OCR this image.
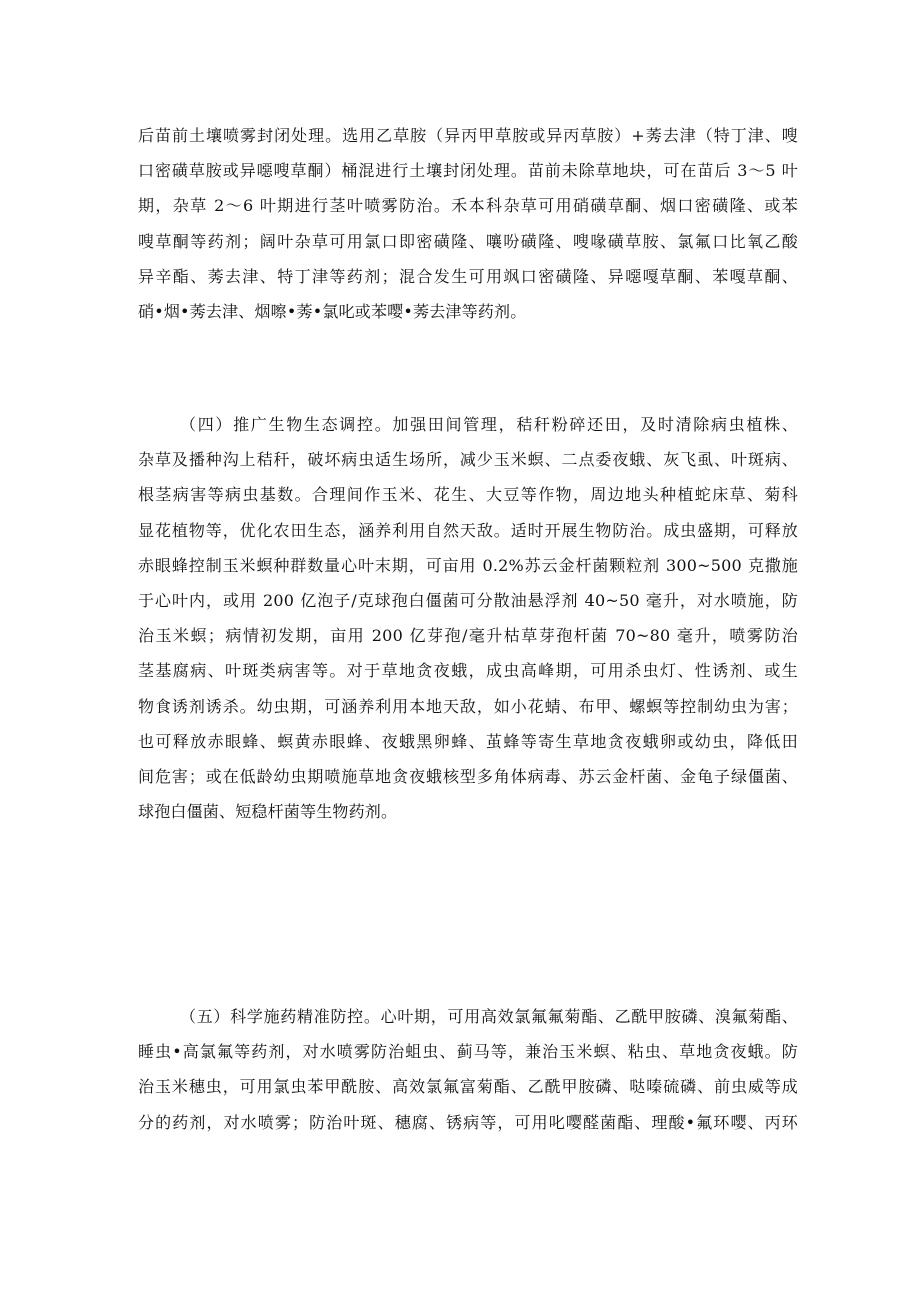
后苗前土壤喷雾封闭处理。选用乙草胺（异丙甲草胺或异丙草胺）+莠去津（特丁津、嗖
口密磺草胺或异噁嗖草酮）桶混进行土壤封闭处理。苗前未除草地块，可在苗后 3～5 叶
期，杂草 2～6 叶期进行茎叶喷雾防治。禾本科杂草可用硝磺草酮、烟口密磺隆、或苯
嗖草酮等药剂；阔叶杂草可用氯口即密磺隆、嚷吩磺隆、嗖喙磺草胺、氯氟口比氧乙酸
异辛酯、莠去津、特丁津等药剂；混合发生可用飒口密磺隆、异噁嘎草酮、苯嘎草酮、
硝•烟•莠去津、烟嚓•莠•氯叱或苯嘤•莠去津等药剂。
（四）推广生物生态调控。加强田间管理，秸秆粉碎还田，及时清除病虫植株、
杂草及播种沟上秸秆，破坏病虫适生场所，减少玉米螟、二点委夜蛾、灰飞虱、叶斑病、
根茎病害等病虫基数。合理间作玉米、花生、大豆等作物，周边地头种植蛇床草、菊科
显花植物等，优化农田生态，涵养利用自然天敌。适时开展生物防治。成虫盛期，可释放
赤眼蜂控制玉米螟种群数量心叶末期，可亩用 0.2%苏云金杆菌颗粒剂 300~500 克撒施
于心叶内，或用 200 亿泡子/克球孢白僵菌可分散油悬浮剂 40~50 毫升，对水喷施，防
治玉米螟；病情初发期，亩用 200 亿芽孢/毫升枯草芽孢杆菌 70~80 毫升，喷雾防治
茎基腐病、叶斑类病害等。对于草地贪夜蛾，成虫高峰期，可用杀虫灯、性诱剂、或生
物食诱剂诱杀。幼虫期，可涵养利用本地天敌，如小花蜻、布甲、螺螟等控制幼虫为害；
也可释放赤眼蜂、螟黄赤眼蜂、夜蛾黑卵蜂、茧蜂等寄生草地贪夜蛾卵或幼虫，降低田
间危害；或在低龄幼虫期喷施草地贪夜蛾核型多角体病毒、苏云金杆菌、金龟子绿僵菌、
球孢白僵菌、短稳杆菌等生物药剂。
（五）科学施药精准防控。心叶期，可用高效氯氟氟菊酯、乙酰甲胺磷、溴氟菊酯、
睡虫•高氯氟等药剂，对水喷雾防治蛆虫、蓟马等，兼治玉米螟、粘虫、草地贪夜蛾。防
治玉米穗虫，可用氯虫苯甲酰胺、高效氯氟富菊酯、乙酰甲胺磷、哒嗪硫磷、前虫威等成
分的药剂，对水喷雾；防治叶斑、穗腐、锈病等，可用叱嘤醛菌酯、理酸•氟环嘤、丙环
